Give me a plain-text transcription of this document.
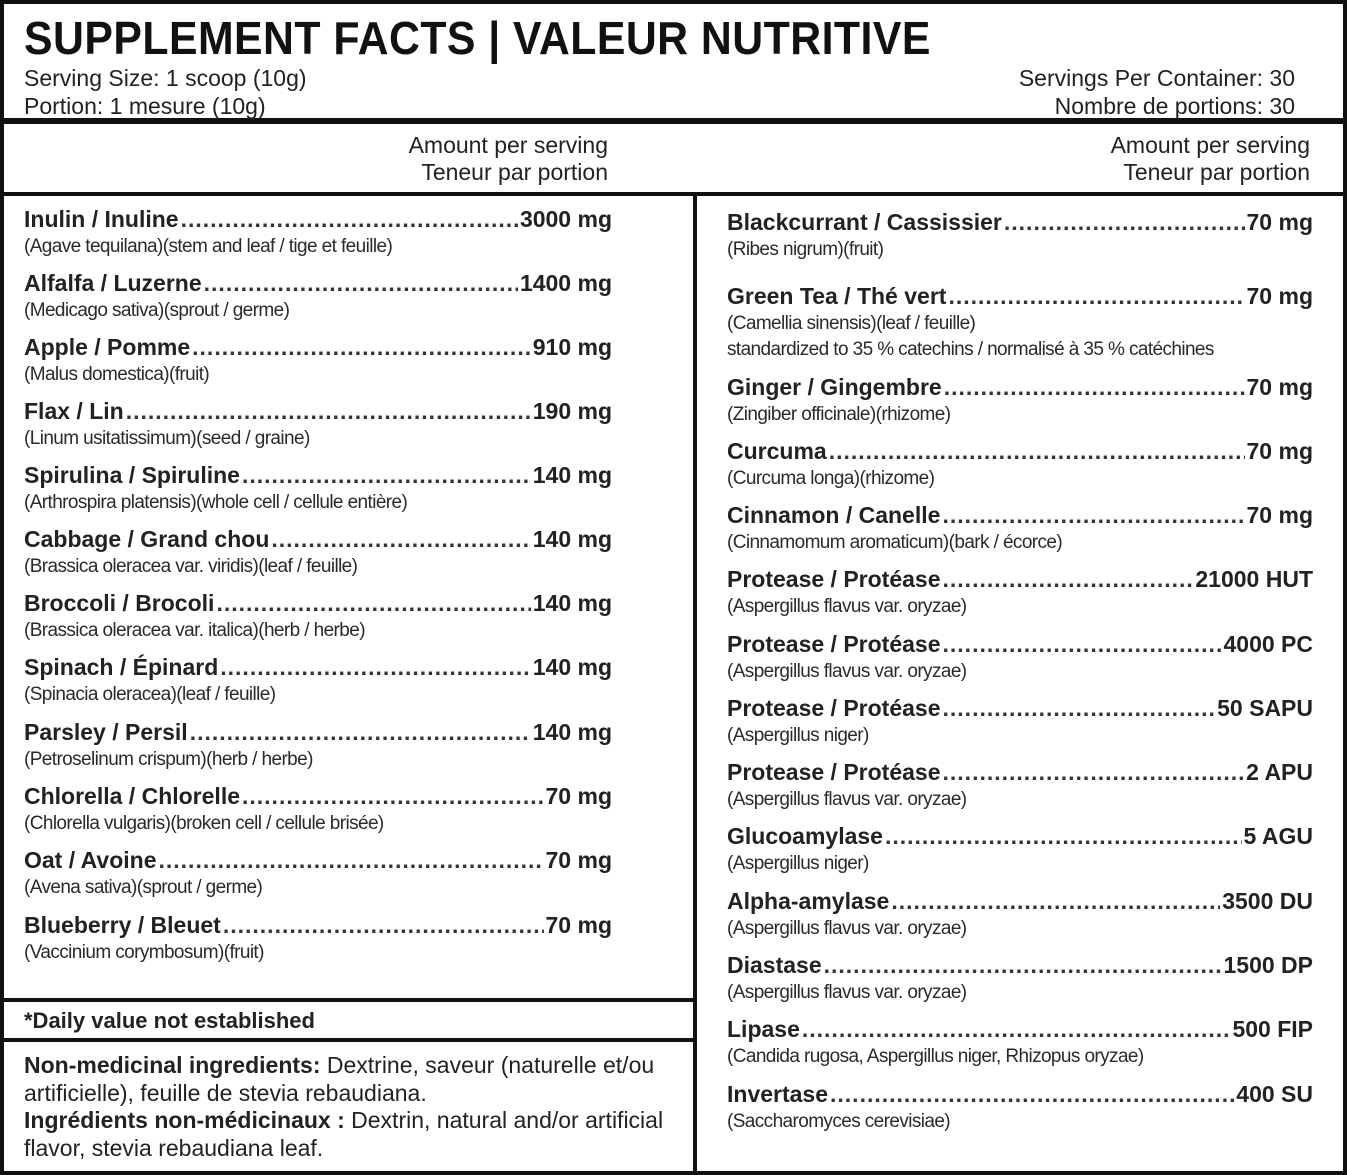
SUPPLEMENT FACTS | VALEUR NUTRITIVE
Serving Size: 1 scoop (10g)
Portion: 1 mesure (10g)
Servings Per Container: 30
Nombre de portions: 30
Amount per serving
Teneur par portion
Amount per serving
Teneur par portion
Inulin / Inuline .....	3000 mg
(Agave tequilana)(stem and leaf / tige et feuille)
Alfalfa / Luzerne .....	1400 mg
(Medicago sativa)(sprout / germe)
Apple / Pomme .....	910 mg
(Malus domestica)(fruit)
Flax / Lin .....	190 mg
(Linum usitatissimum)(seed / graine)
Spirulina / Spiruline .....	140 mg
(Arthrospira platensis)(whole cell / cellule entière)
Cabbage / Grand chou .....	140 mg
(Brassica oleracea var. viridis)(leaf / feuille)
Broccoli / Brocoli .....	140 mg
(Brassica oleracea var. italica)(herb / herbe)
Spinach / Épinard .....	140 mg
(Spinacia oleracea)(leaf / feuille)
Parsley / Persil .....	140 mg
(Petroselinum crispum)(herb / herbe)
Chlorella / Chlorelle .....	70 mg
(Chlorella vulgaris)(broken cell / cellule brisée)
Oat / Avoine .....	70 mg
(Avena sativa)(sprout / germe)
Blueberry / Bleuet .....	70 mg
(Vaccinium corymbosum)(fruit)
Blackcurrant / Cassissier .....	70 mg
(Ribes nigrum)(fruit)
Green Tea / Thé vert .....	70 mg
(Camellia sinensis)(leaf / feuille)
standardized to 35 % catechins / normalisé à 35 % catéchines
Ginger / Gingembre .....	70 mg
(Zingiber officinale)(rhizome)
Curcuma .....	70 mg
(Curcuma longa)(rhizome)
Cinnamon / Canelle .....	70 mg
(Cinnamomum aromaticum)(bark / écorce)
Protease / Protéase .....	21000 HUT
(Aspergillus flavus var. oryzae)
Protease / Protéase .....	4000 PC
(Aspergillus flavus var. oryzae)
Protease / Protéase .....	50 SAPU
(Aspergillus niger)
Protease / Protéase .....	2 APU
(Aspergillus flavus var. oryzae)
Glucoamylase .....	5 AGU
(Aspergillus niger)
Alpha-amylase .....	3500 DU
(Aspergillus flavus var. oryzae)
Diastase .....	1500 DP
(Aspergillus flavus var. oryzae)
Lipase .....	500 FIP
(Candida rugosa, Aspergillus niger, Rhizopus oryzae)
Invertase .....	400 SU
(Saccharomyces cerevisiae)
*Daily value not established
Non-medicinal ingredients: Dextrine, saveur (naturelle et/ou artificielle), feuille de stevia rebaudiana.
Ingrédients non-médicinaux : Dextrin, natural and/or artificial flavor, stevia rebaudiana leaf.
